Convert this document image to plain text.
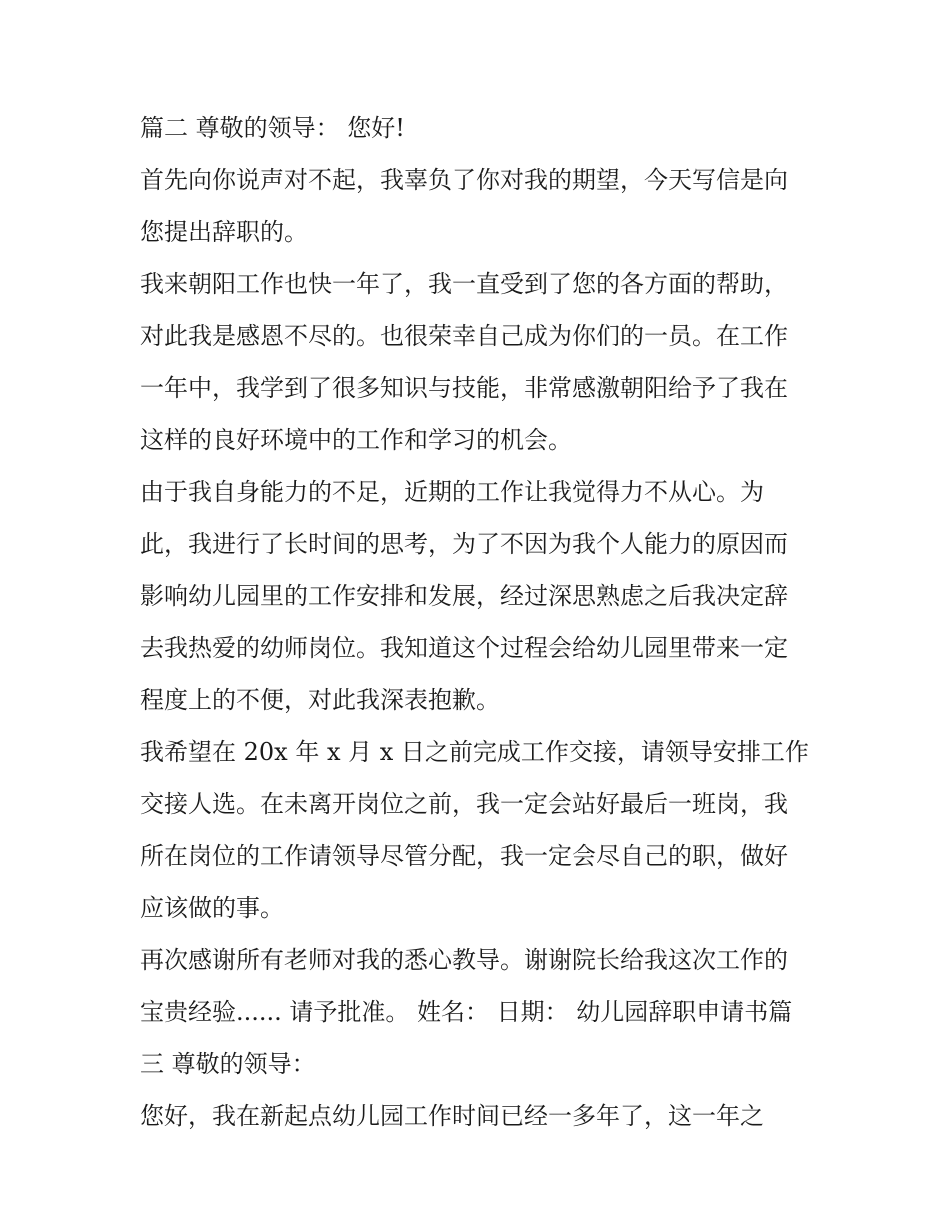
篇二 尊敬的领导： 您好!
首先向你说声对不起，我辜负了你对我的期望，今天写信是向
您提出辞职的。
我来朝阳工作也快一年了，我一直受到了您的各方面的帮助，
对此我是感恩不尽的。也很荣幸自己成为你们的一员。在工作
一年中，我学到了很多知识与技能，非常感激朝阳给予了我在
这样的良好环境中的工作和学习的机会。
由于我自身能力的不足，近期的工作让我觉得力不从心。为
此，我进行了长时间的思考，为了不因为我个人能力的原因而
影响幼儿园里的工作安排和发展，经过深思熟虑之后我决定辞
去我热爱的幼师岗位。我知道这个过程会给幼儿园里带来一定
程度上的不便，对此我深表抱歉。
我希望在 20x 年 x 月 x 日之前完成工作交接，请领导安排工作
交接人选。在未离开岗位之前，我一定会站好最后一班岗，我
所在岗位的工作请领导尽管分配，我一定会尽自己的职，做好
应该做的事。
再次感谢所有老师对我的悉心教导。谢谢院长给我这次工作的
宝贵经验...... 请予批准。 姓名： 日期： 幼儿园辞职申请书篇
三 尊敬的领导：
您好，我在新起点幼儿园工作时间已经一多年了，这一年之
